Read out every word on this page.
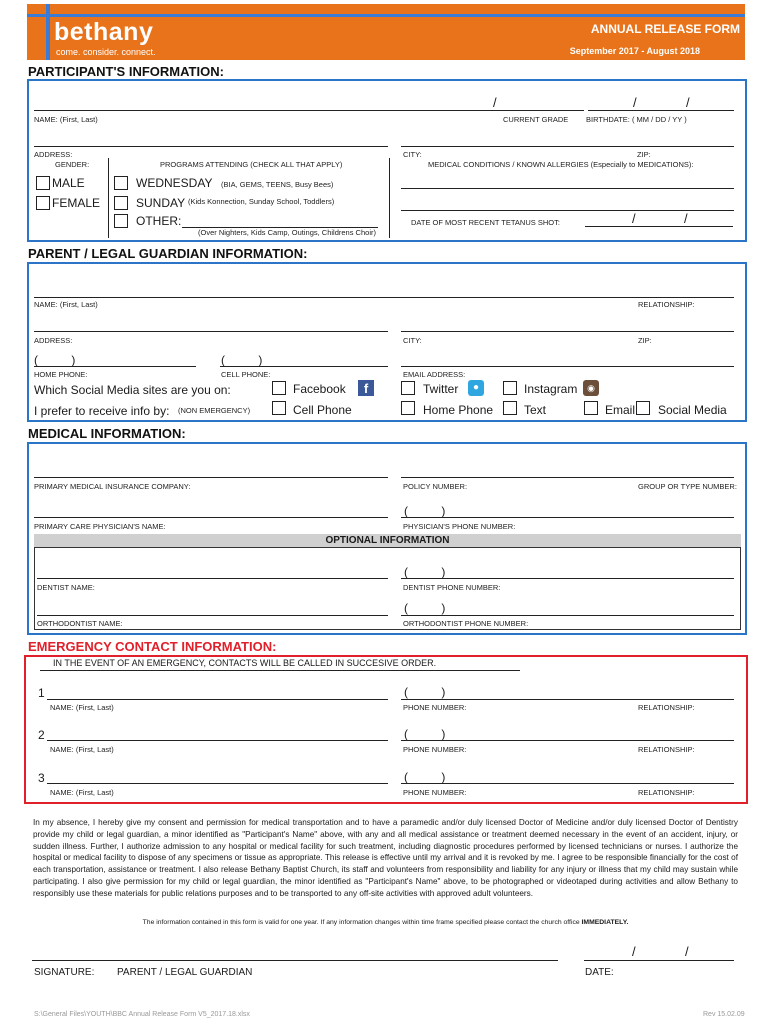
bethany
come. consider. connect.
ANNUAL RELEASE FORM
September 2017 - August 2018
PARTICIPANT'S INFORMATION:
/	/	/
NAME: (First, Last)	CURRENT GRADE BIRTHDATE: ( MM / DD / YY )
ADDRESS:	CITY:	ZIP:
GENDER:	PROGRAMS ATTENDING (CHECK ALL THAT APPLY)	MEDICAL CONDITIONS / KNOWN ALLERGIES (Especially to MEDICATIONS):
MALE
FEMALE
WEDNESDAY (BIA, GEMS, TEENS, Busy Bees)
SUNDAY (Kids Konnection, Sunday School, Toddlers)
OTHER:
(Over Nighters, Kids Camp, Outings, Childrens Choir)
DATE OF MOST RECENT TETANUS SHOT:	/	/
PARENT / LEGAL GUARDIAN INFORMATION:
NAME: (First, Last)	RELATIONSHIP:
ADDRESS:	CITY:	ZIP:
(          )	(          )
HOME PHONE:	CELL PHONE:	EMAIL ADDRESS:
Which Social Media sites are you on:	Facebook	f	Twitter	●	Instagram	◉
I prefer to receive info by: (NON EMERGENCY)	Cell Phone	Home Phone	Text	Email Social Media
MEDICAL INFORMATION:
PRIMARY MEDICAL INSURANCE COMPANY:	POLICY NUMBER:	GROUP OR TYPE NUMBER:
(          )
PRIMARY CARE PHYSICIAN'S NAME:	PHYSICIAN'S PHONE NUMBER:
OPTIONAL INFORMATION
(          )
DENTIST NAME:	DENTIST PHONE NUMBER:
(          )
ORTHODONTIST NAME:	ORTHODONTIST PHONE NUMBER:
EMERGENCY CONTACT INFORMATION:
IN THE EVENT OF AN EMERGENCY, CONTACTS WILL BE CALLED IN SUCCESIVE ORDER.
1	(          )
NAME: (First, Last)	PHONE NUMBER:	RELATIONSHIP:
2	(          )
NAME: (First, Last)	PHONE NUMBER:	RELATIONSHIP:
3	(          )
NAME: (First, Last)	PHONE NUMBER:	RELATIONSHIP:
In my absence, I hereby give my consent and permission for medical transportation and to have a paramedic and/or duly licensed Doctor of Medicine and/or duly licensed Doctor of Dentistry provide my child or legal guardian, a minor identified as "Participant's Name" above, with any and all medical assistance or treatment deemed necessary in the event of an accident, injury, or sudden illness. Further, I authorize admission to any hospital or medical facility for such treatment, including diagnostic procedures performed by licensed technicians or nurses. I authorize the hospital or medical facility to dispose of any specimens or tissue as appropriate. This release is effective until my arrival and it is revoked by me. I agree to be responsible financially for the cost of each transportation, assistance or treatment. I also release Bethany Baptist Church, its staff and volunteers from responsibility and liability for any injury or illness that my child may sustain while participating. I also give permission for my child or legal guardian, the minor identified as "Participant's Name" above, to be photographed or videotaped during activities and allow Bethany to responsibly use these materials for public relations purposes and to be transported to any off-site activities with approved adult volunteers.
The information contained in this form is valid for one year. If any information changes within time frame specified please contact the church office IMMEDIATELY.
/	/
SIGNATURE: PARENT / LEGAL GUARDIAN	DATE:
S:\General Files\YOUTH\BBC Annual Release Form V5_2017.18.xlsx	Rev 15.02.09
